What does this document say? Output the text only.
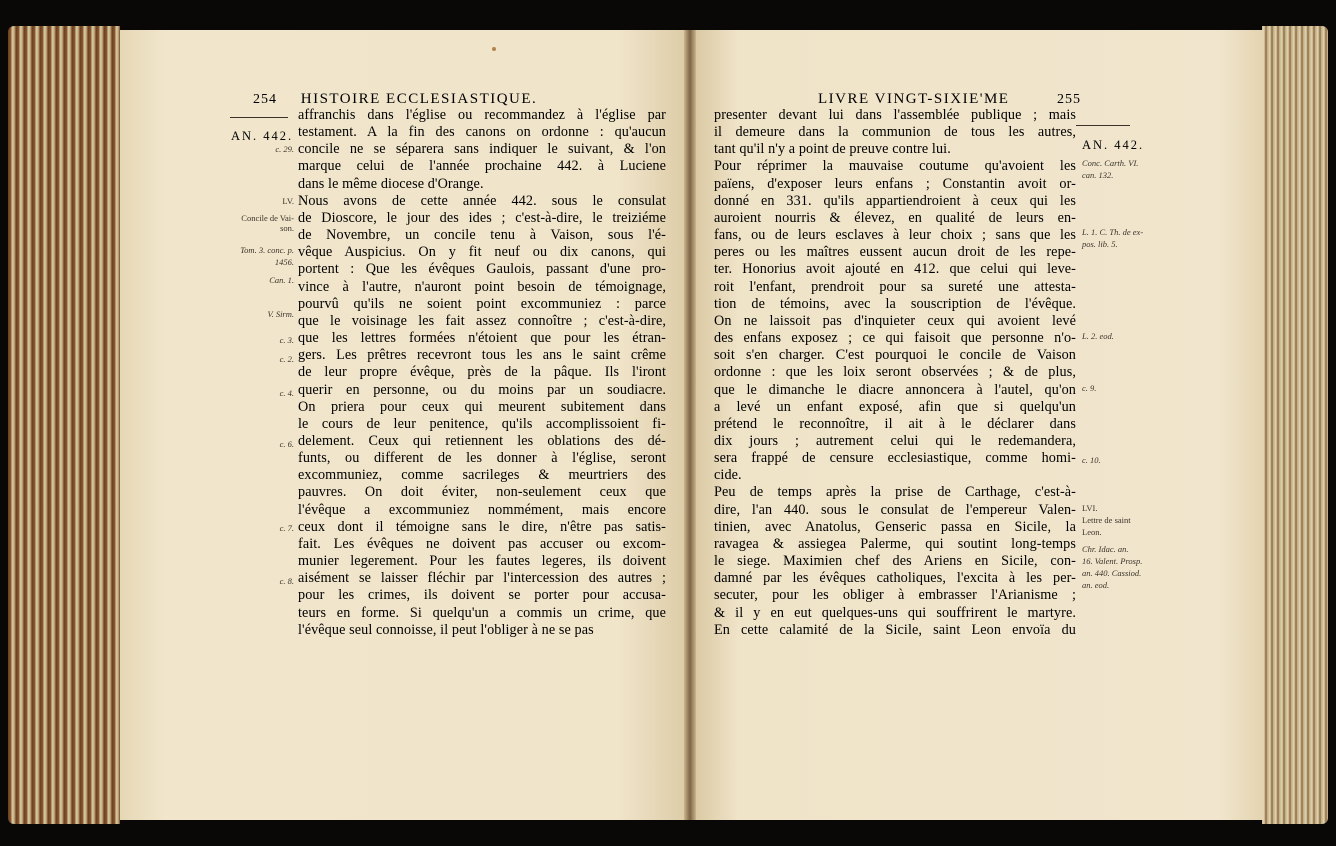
254 HISTOIRE ECCLESIASTIQUE.
AN. 442.
affranchis dans l'église ou recommandez à l'église par
testament. A la fin des canons on ordonne : qu'aucun
concile ne se séparera sans indiquer le suivant, & l'on
marque celui de l'année prochaine 442. à Luciene
dans le même diocese d'Orange.
Nous avons de cette année 442. sous le consulat
de Dioscore, le jour des ides ; c'est-à-dire, le treiziéme
de Novembre, un concile tenu à Vaison, sous l'é-
vêque Auspicius. On y fit neuf ou dix canons, qui
portent : Que les évêques Gaulois, passant d'une pro-
vince à l'autre, n'auront point besoin de témoignage,
pourvû qu'ils ne soient point excommuniez : parce
que le voisinage les fait assez connoître ; c'est-à-dire,
que les lettres formées n'étoient que pour les étran-
gers. Les prêtres recevront tous les ans le saint crême
de leur propre évêque, près de la pâque. Ils l'iront
querir en personne, ou du moins par un soudiacre.
On priera pour ceux qui meurent subitement dans
le cours de leur penitence, qu'ils accomplissoient fi-
delement. Ceux qui retiennent les oblations des dé-
funts, ou different de les donner à l'église, seront
excommuniez, comme sacrileges & meurtriers des
pauvres. On doit éviter, non-seulement ceux que
l'évêque a excommuniez nommément, mais encore
ceux dont il témoigne sans le dire, n'être pas satis-
fait. Les évêques ne doivent pas accuser ou excom-
munier legerement. Pour les fautes legeres, ils doivent
aisément se laisser fléchir par l'intercession des autres ;
pour les crimes, ils doivent se porter pour accusa-
teurs en forme. Si quelqu'un a commis un crime, que
l'évêque seul connoisse, il peut l'obliger à ne se pas
c. 29.
LV.
Concile de Vai-
son.
Tom. 3. conc. p.
1456.
Can. 1.
V. Sirm.
c. 3.
c. 2.
c. 4.
c. 6.
c. 7.
c. 8.
LIVRE VINGT-SIXIE'ME	255
AN. 442.
presenter devant lui dans l'assemblée publique ; mais
il demeure dans la communion de tous les autres,
tant qu'il n'y a point de preuve contre lui.
Pour réprimer la mauvaise coutume qu'avoient les
païens, d'exposer leurs enfans ; Constantin avoit or-
donné en 331. qu'ils appartiendroient à ceux qui les
auroient nourris & élevez, en qualité de leurs en-
fans, ou de leurs esclaves à leur choix ; sans que les
peres ou les maîtres eussent aucun droit de les repe-
ter. Honorius avoit ajouté en 412. que celui qui leve-
roit l'enfant, prendroit pour sa sureté une attesta-
tion de témoins, avec la souscription de l'évêque.
On ne laissoit pas d'inquieter ceux qui avoient levé
des enfans exposez ; ce qui faisoit que personne n'o-
soit s'en charger. C'est pourquoi le concile de Vaison
ordonne : que les loix seront observées ; & de plus,
que le dimanche le diacre annoncera à l'autel, qu'on
a levé un enfant exposé, afin que si quelqu'un
prétend le reconnoître, il ait à le déclarer dans
dix jours ; autrement celui qui le redemandera,
sera frappé de censure ecclesiastique, comme homi-
cide.
Peu de temps après la prise de Carthage, c'est-à-
dire, l'an 440. sous le consulat de l'empereur Valen-
tinien, avec Anatolus, Genseric passa en Sicile, la
ravagea & assiegea Palerme, qui soutint long-temps
le siege. Maximien chef des Ariens en Sicile, con-
damné par les évêques catholiques, l'excita à les per-
secuter, pour les obliger à embrasser l'Arianisme ;
& il y en eut quelques-uns qui souffrirent le martyre.
En cette calamité de la Sicile, saint Leon envoïa du
Conc. Carth. VI.
can. 132.
L. 1. C. Th. de ex-
pos. lib. 5.
L. 2. eod.
c. 9.
c. 10.
LVI.
Lettre de saint
Leon.
Chr. Idac. an.
16. Valent. Prosp.
an. 440. Cassiod.
an. eod.
